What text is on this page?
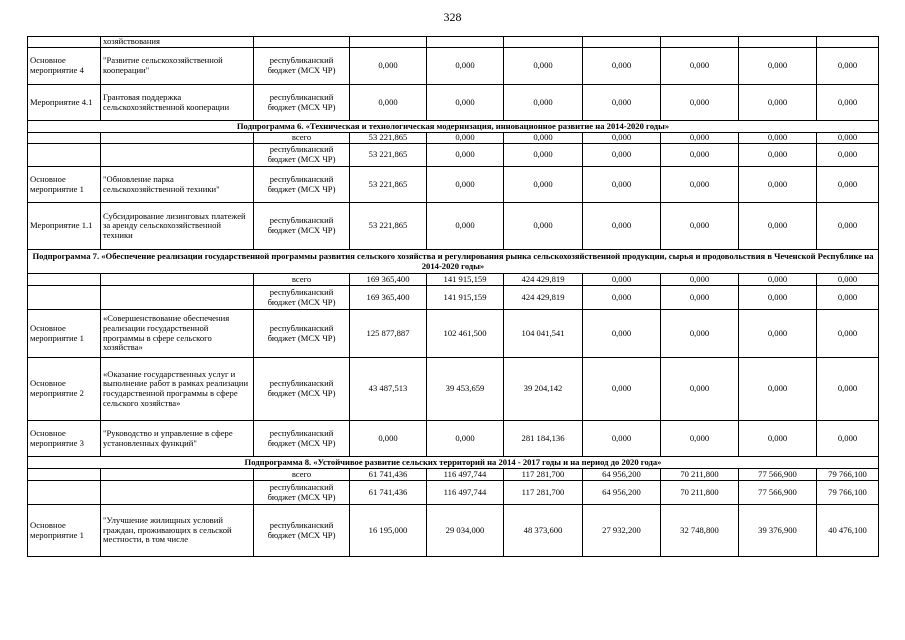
328
	хозяйствования								
Основное мероприятие 4	"Развитие сельскохозяйственной кооперации"	республиканский бюджет (МСХ ЧР)	0,000	0,000	0,000	0,000	0,000	0,000	0,000
Мероприятие 4.1	Грантовая поддержка сельскохозяйственной кооперации	республиканский бюджет (МСХ ЧР)	0,000	0,000	0,000	0,000	0,000	0,000	0,000
Подпрограмма 6. «Техническая и технологическая модернизация, инновационное развитие на 2014-2020 годы»									
		всего	53 221,865	0,000	0,000	0,000	0,000	0,000	0,000
		республиканский бюджет (МСХ ЧР)	53 221,865	0,000	0,000	0,000	0,000	0,000	0,000
Основное мероприятие 1	"Обновление парка сельскохозяйственной техники"	республиканский бюджет (МСХ ЧР)	53 221,865	0,000	0,000	0,000	0,000	0,000	0,000
Мероприятие 1.1	Субсидирование лизинговых платежей за аренду сельскохозяйственной техники	республиканский бюджет (МСХ ЧР)	53 221,865	0,000	0,000	0,000	0,000	0,000	0,000
Подпрограмма 7. «Обеспечение реализации государственной программы развития сельского хозяйства и регулирования рынка сельскохозяйственной продукции, сырья и продовольствия в Чеченской Республике на 2014-2020 годы»									
		всего	169 365,400	141 915,159	424 429,819	0,000	0,000	0,000	0,000
		республиканский бюджет (МСХ ЧР)	169 365,400	141 915,159	424 429,819	0,000	0,000	0,000	0,000
Основное мероприятие 1	«Совершенствование обеспечения реализации государственной программы в сфере сельского хозяйства»	республиканский бюджет (МСХ ЧР)	125 877,887	102 461,500	104 041,541	0,000	0,000	0,000	0,000
Основное мероприятие 2	«Оказание государственных услуг и выполнение работ в рамках реализации государственной программы в сфере сельского хозяйства»	республиканский бюджет (МСХ ЧР)	43 487,513	39 453,659	39 204,142	0,000	0,000	0,000	0,000
Основное мероприятие 3	"Руководство и управление в сфере установленных функций"	республиканский бюджет (МСХ ЧР)	0,000	0,000	281 184,136	0,000	0,000	0,000	0,000
Подпрограмма 8. «Устойчивое развитие сельских территорий на 2014 - 2017 годы и на период до 2020 года»									
		всего	61 741,436	116 497,744	117 281,700	64 956,200	70 211,800	77 566,900	79 766,100
		республиканский бюджет (МСХ ЧР)	61 741,436	116 497,744	117 281,700	64 956,200	70 211,800	77 566,900	79 766,100
Основное мероприятие 1	"Улучшение жилищных условий граждан, проживающих в сельской местности, в том числе	республиканский бюджет (МСХ ЧР)	16 195,000	29 034,000	48 373,600	27 932,200	32 748,800	39 376,900	40 476,100
